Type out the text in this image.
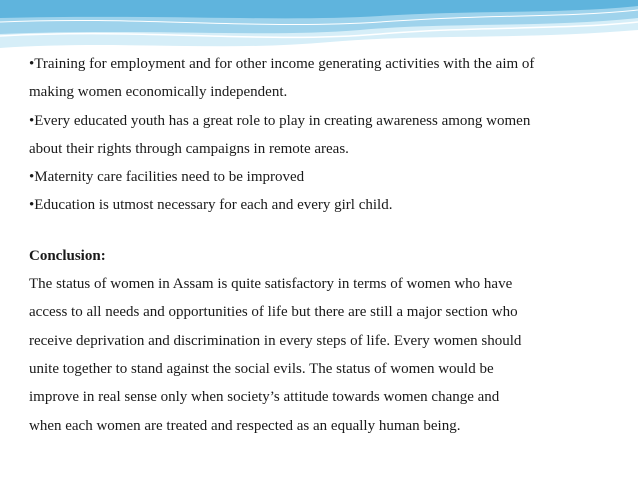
•Training for employment and for other income generating activities with the aim of
making women economically independent.
•Every educated youth has a great role to play in creating awareness among women
about their rights through campaigns in remote areas.
•Maternity care facilities need to be improved
•Education is utmost necessary for each and every girl child.
Conclusion:
The status of women in Assam is quite satisfactory in terms of women who have
access to all needs and opportunities of life but there are still a major section who
receive deprivation and discrimination in every steps of life. Every women should
unite together to stand against the social evils. The status of women would be
improve in real sense only when society’s attitude towards women change and
when each women are treated and respected as an equally human being.
